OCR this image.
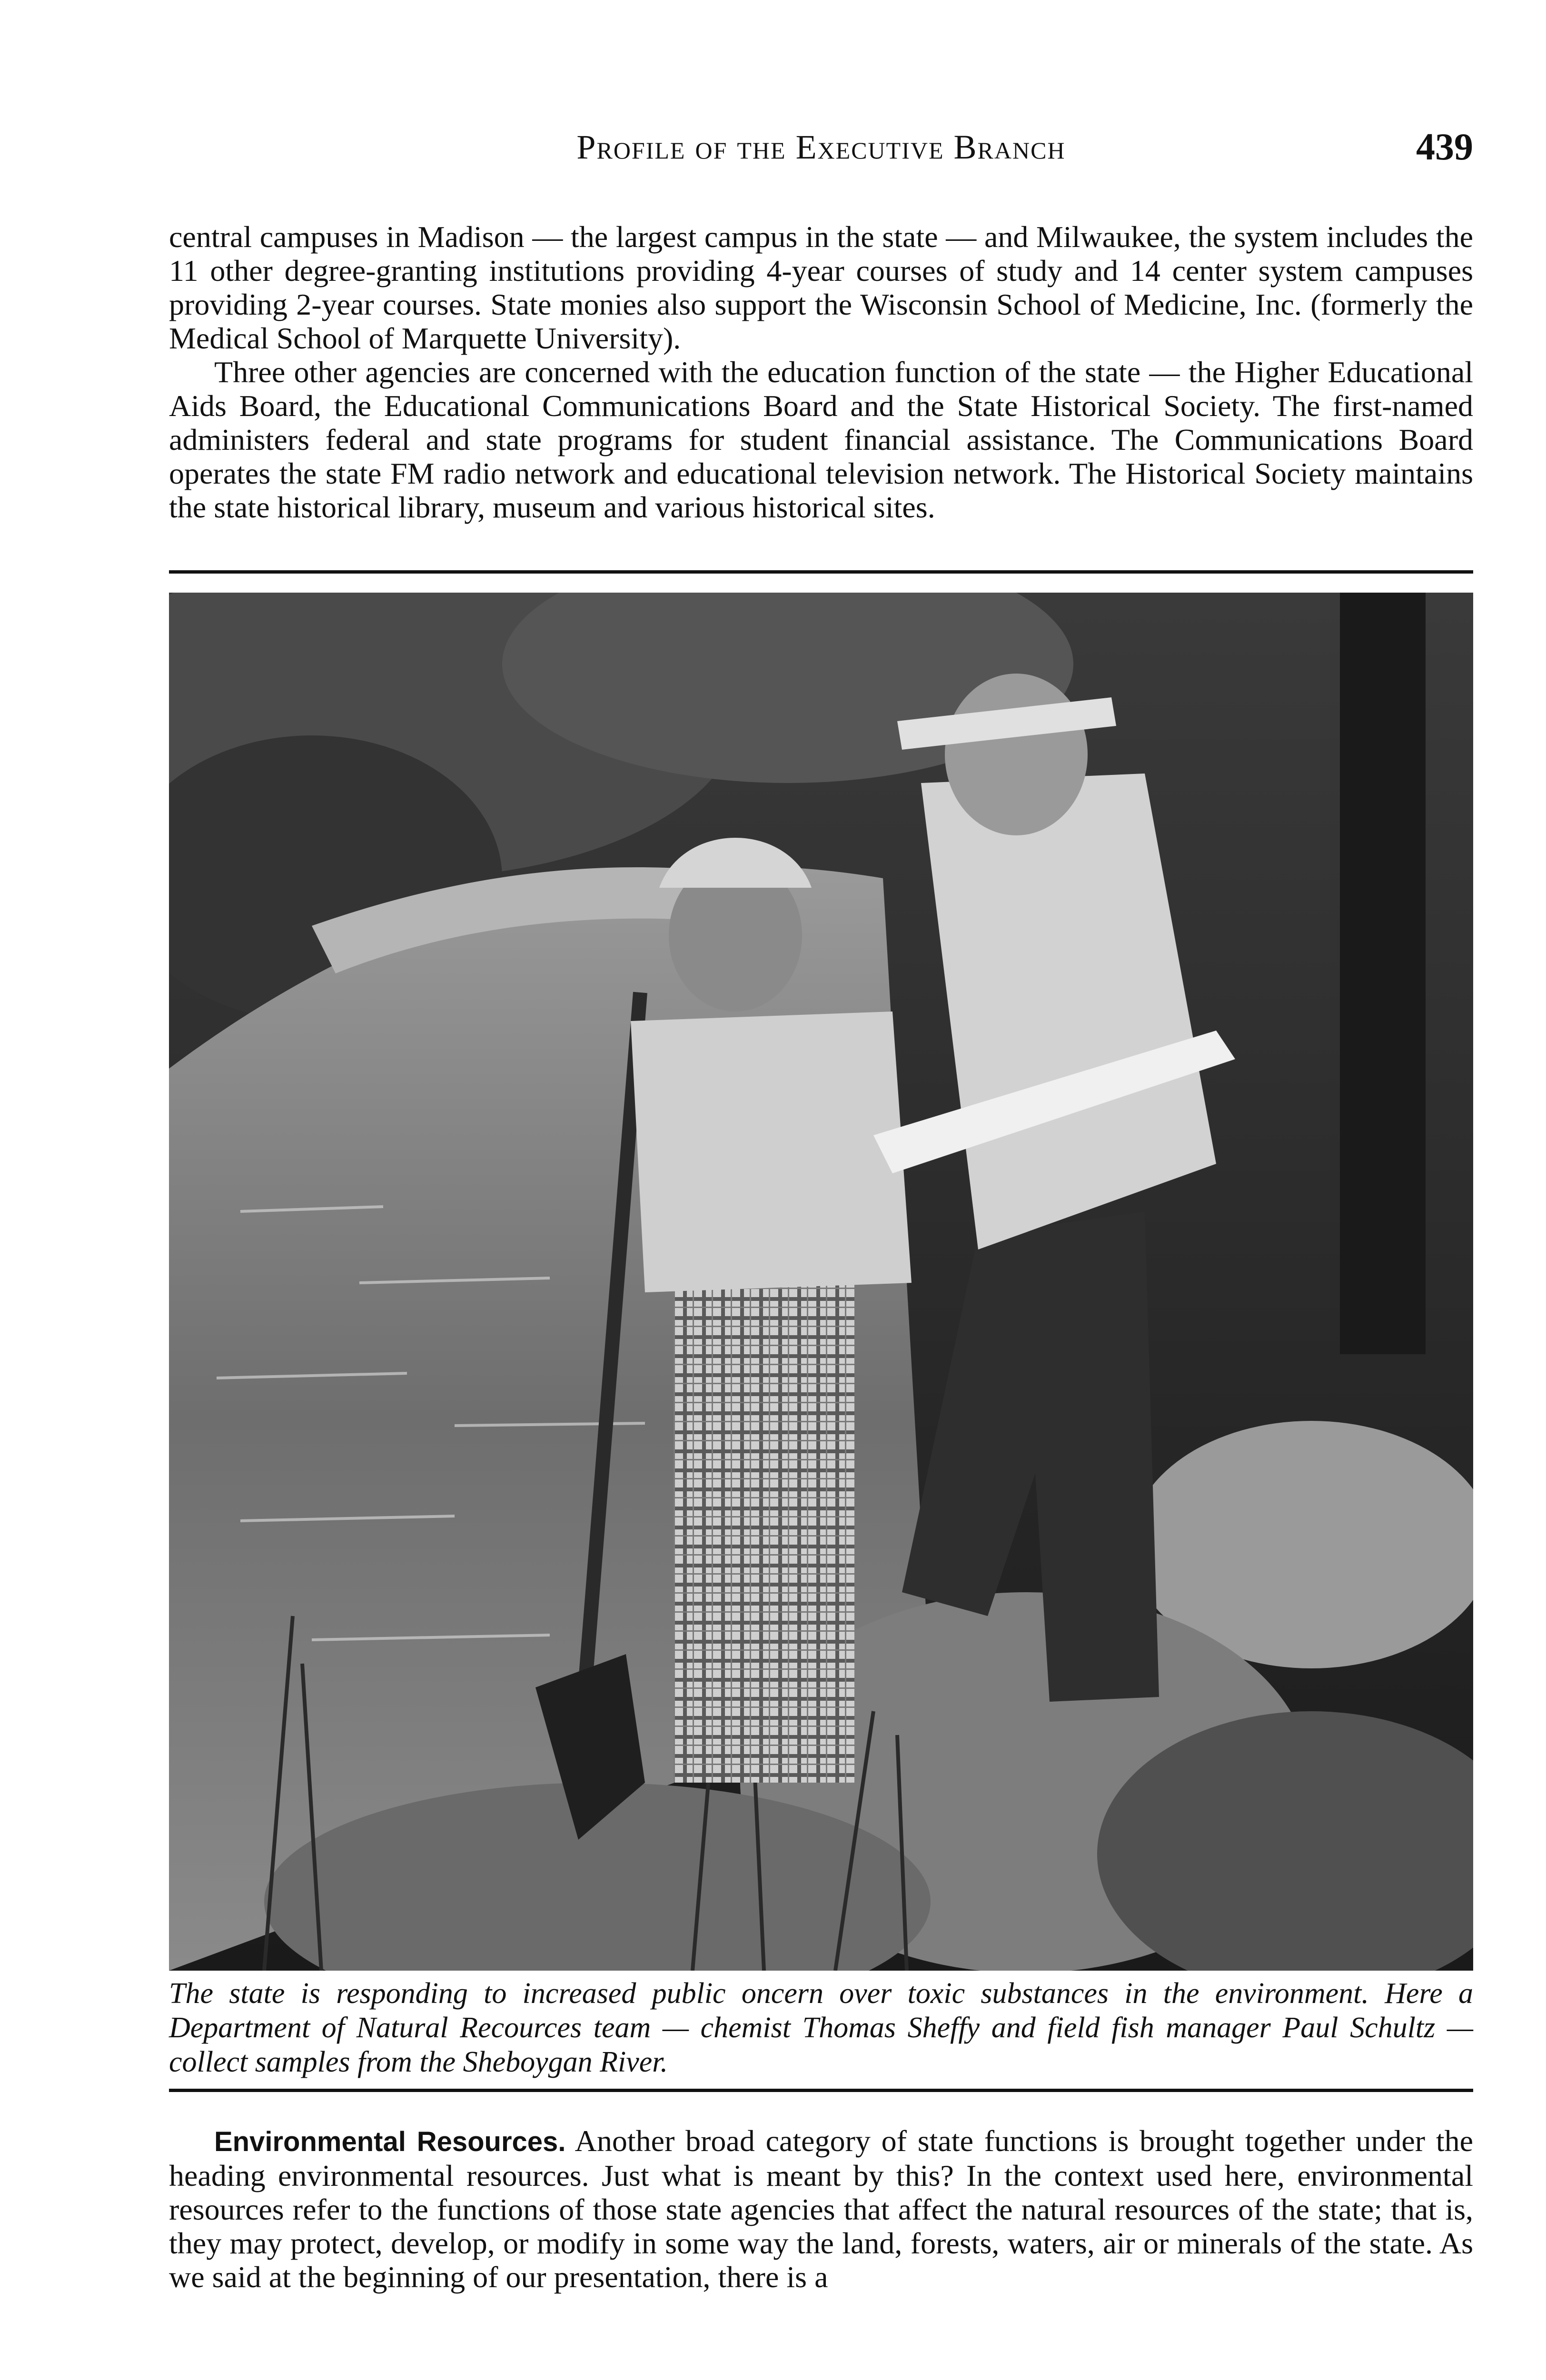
Profile of the Executive Branch	439

central campuses in Madison — the largest campus in the state — and Milwaukee, the system includes the 11 other degree-granting institutions providing 4-year courses of study and 14 center system campuses providing 2-year courses. State monies also support the Wisconsin School of Medicine, Inc. (formerly the Medical School of Marquette University).

Three other agencies are concerned with the education function of the state — the Higher Educational Aids Board, the Educational Communications Board and the State Historical Society. The first-named administers federal and state programs for student financial assistance. The Communications Board operates the state FM radio network and educational television network. The Historical Society maintains the state historical library, museum and various historical sites.

The state is responding to increased public oncern over toxic substances in the environment. Here a Department of Natural Recources team — chemist Thomas Sheffy and field fish manager Paul Schultz — collect samples from the Sheboygan River.

Environmental Resources. Another broad category of state functions is brought together under the heading environmental resources. Just what is meant by this? In the context used here, environmental resources refer to the functions of those state agencies that affect the natural resources of the state; that is, they may protect, develop, or modify in some way the land, forests, waters, air or minerals of the state. As we said at the beginning of our presentation, there is a
